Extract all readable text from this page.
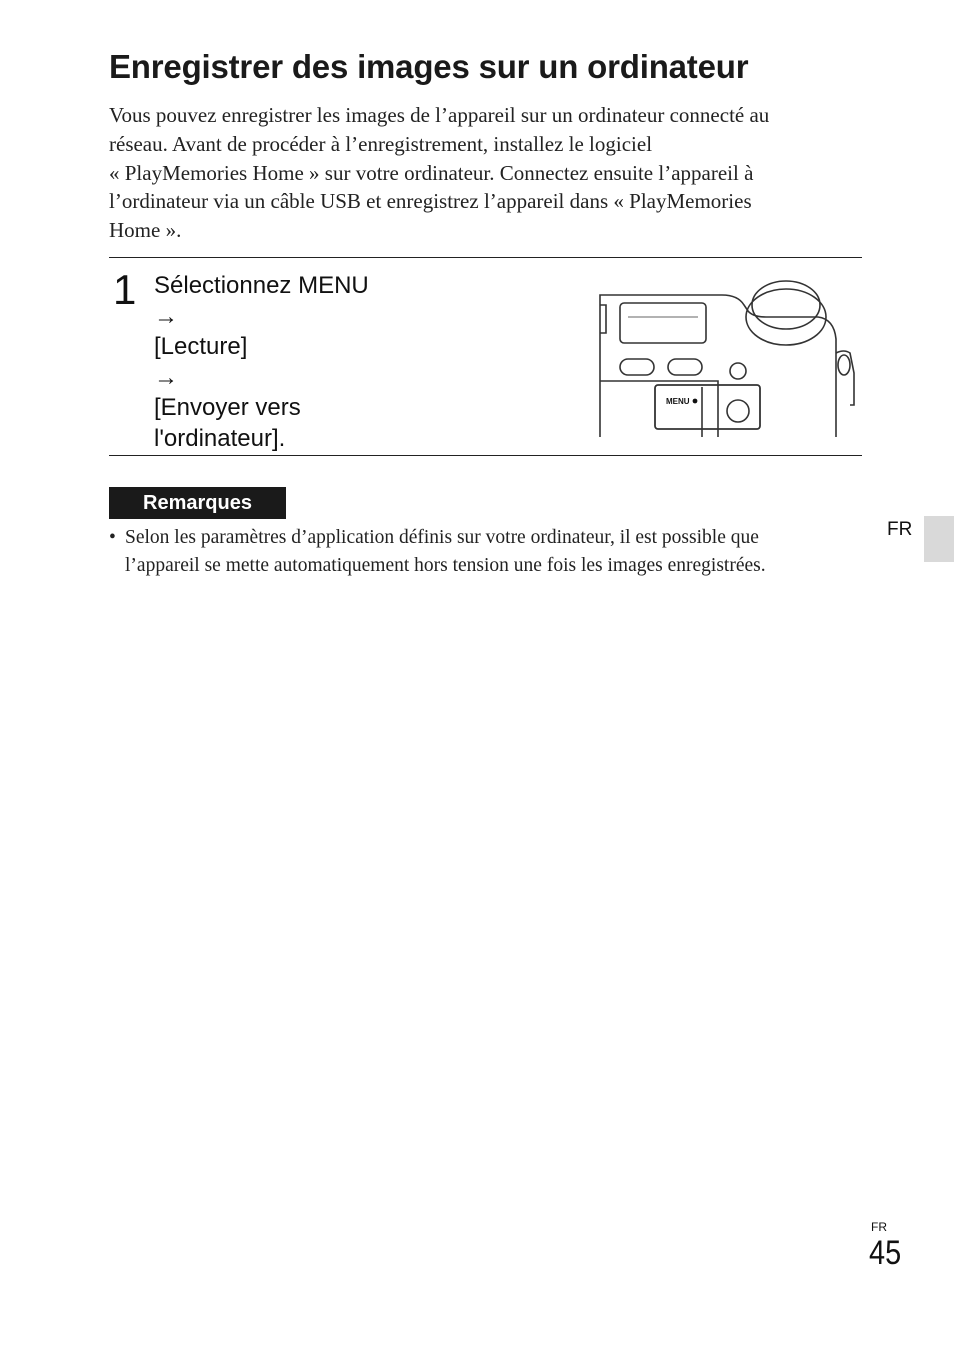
Enregistrer des images sur un ordinateur

Vous pouvez enregistrer les images de l’appareil sur un ordinateur connecté au
réseau. Avant de procéder à l’enregistrement, installez le logiciel
« PlayMemories Home » sur votre ordinateur. Connectez ensuite l’appareil à
l’ordinateur via un câble USB et enregistrez l’appareil dans « PlayMemories
Home ».

1 Sélectionnez MENU
→
[Lecture]
→
[Envoyer vers
l'ordinateur].

MENU
Remarques
• Selon les paramètres d’application définis sur votre ordinateur, il est possible que
l’appareil se mette automatiquement hors tension une fois les images enregistrées.
FR
FR
45
